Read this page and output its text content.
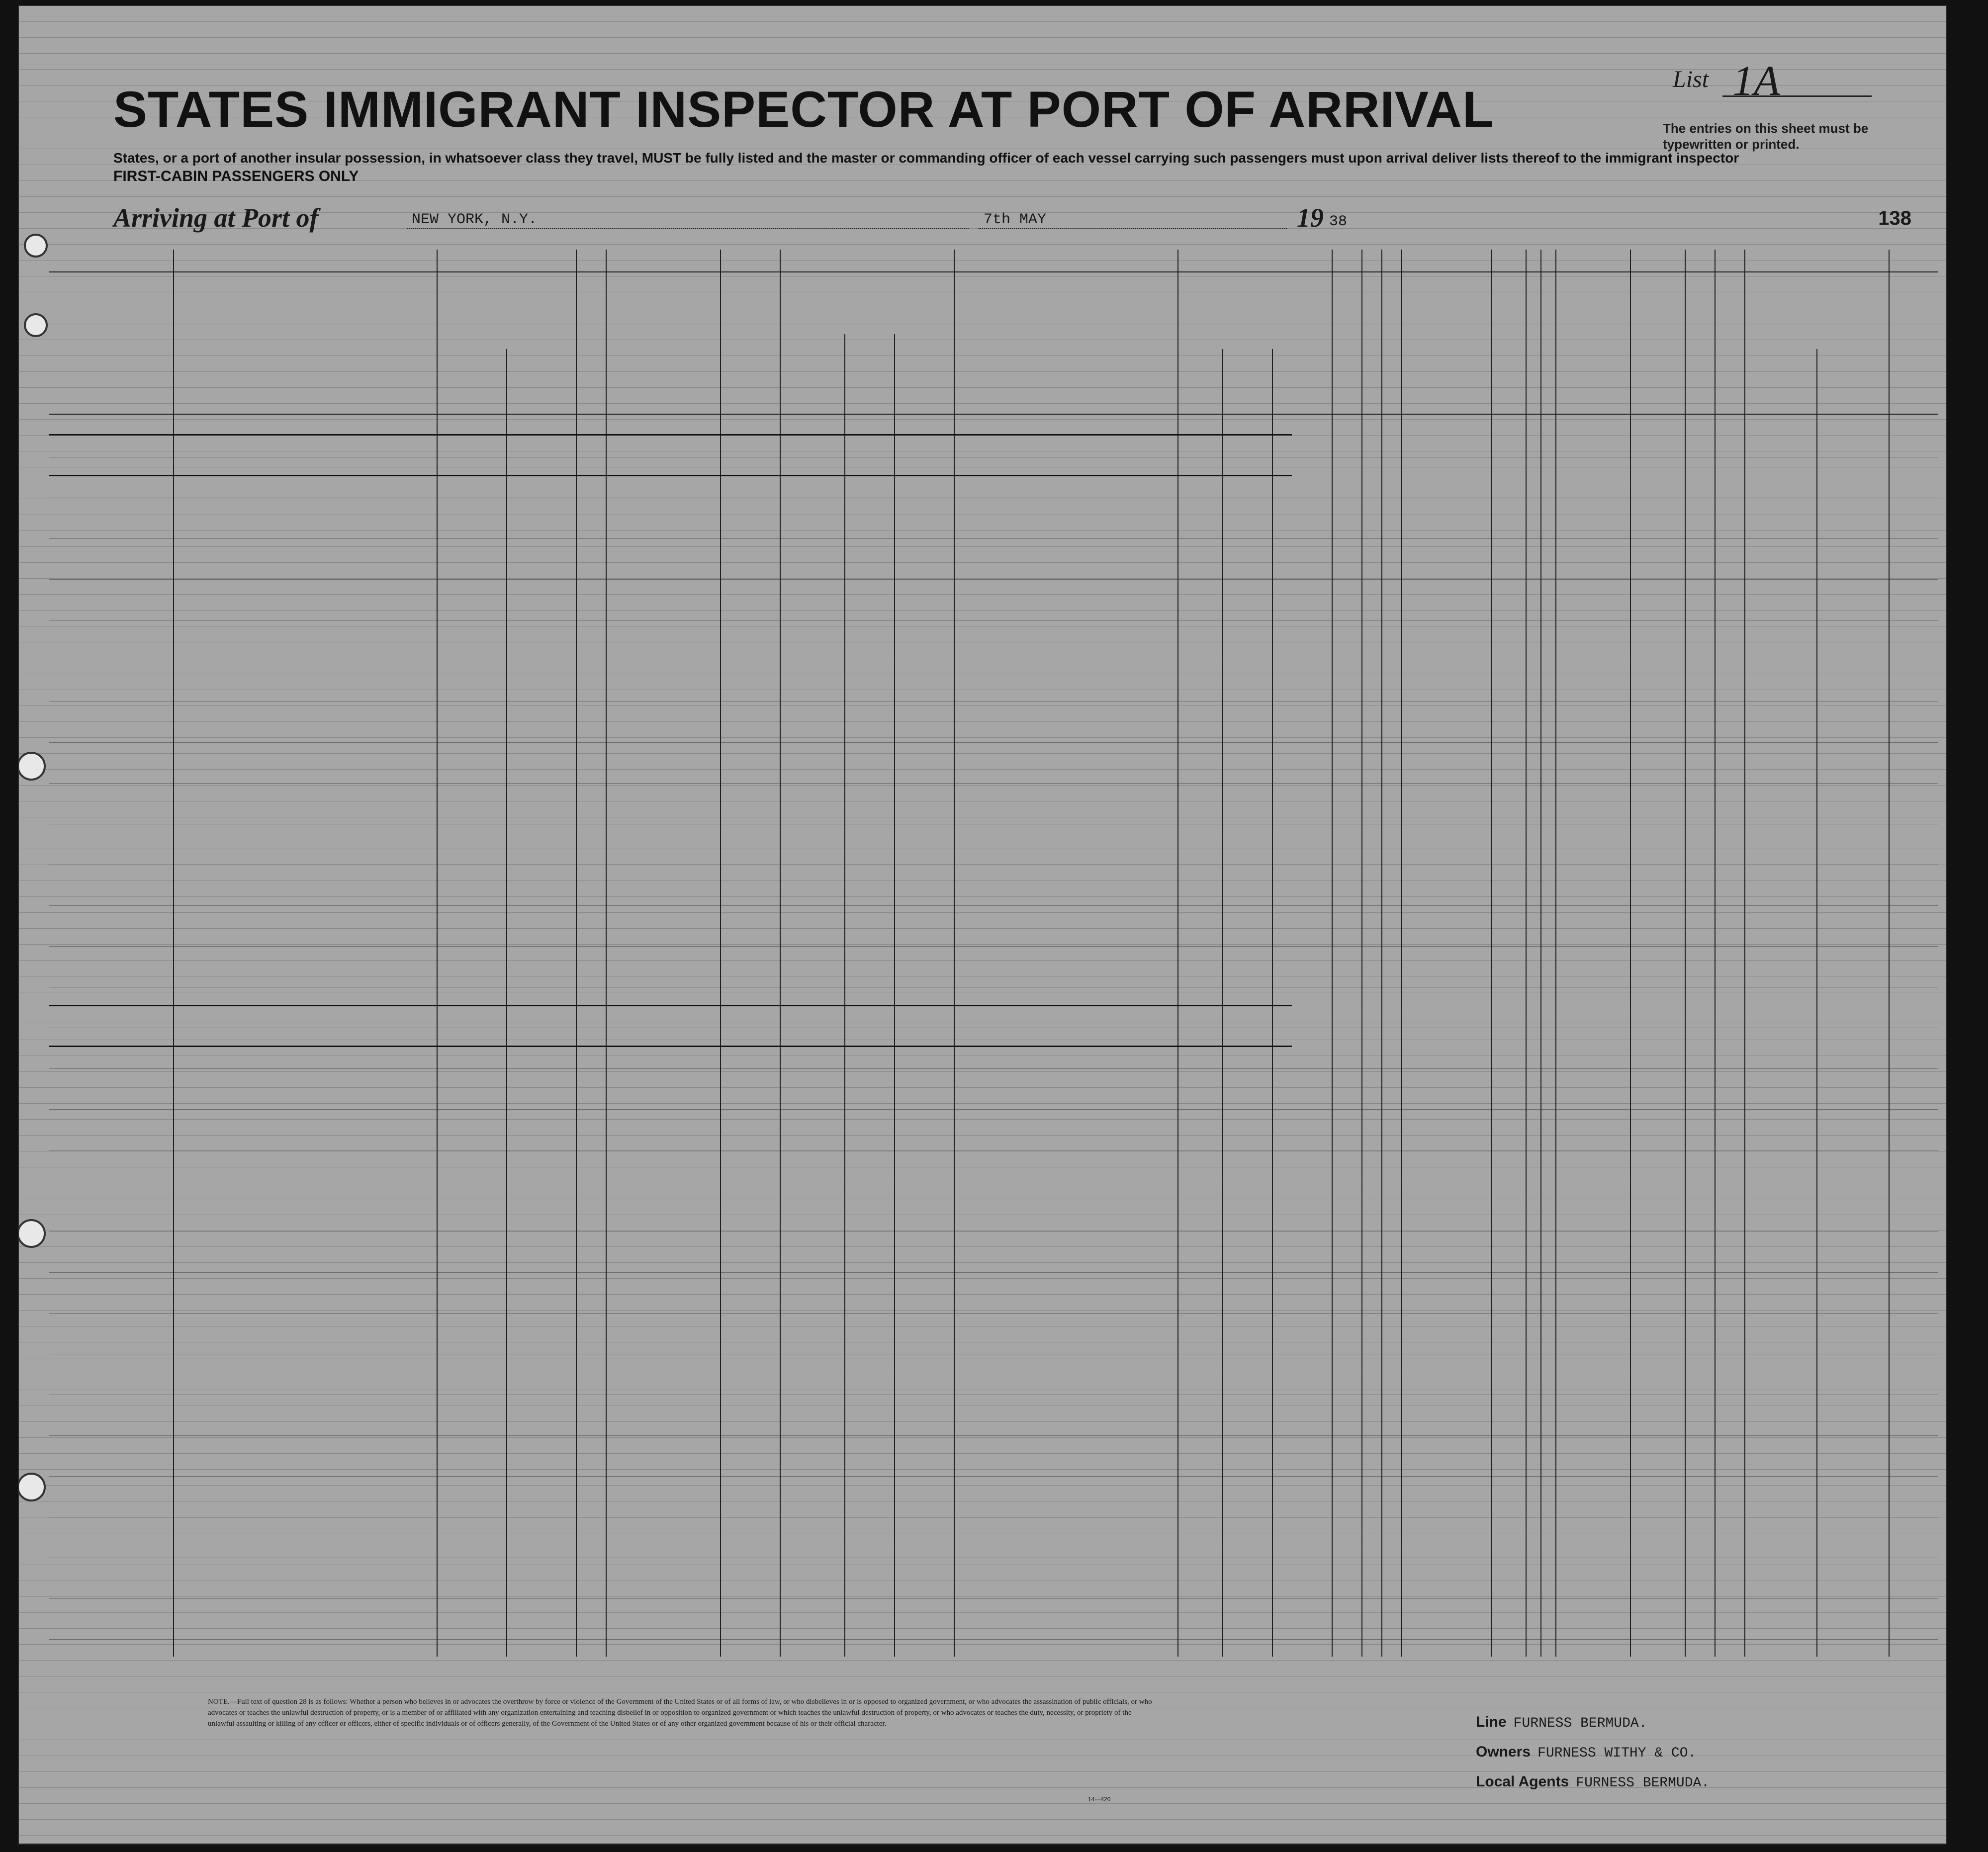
STATES IMMIGRANT INSPECTOR AT PORT OF ARRIVAL
States, or a port of another insular possession, in whatsoever class they travel, MUST be fully listed and the master or commanding officer of each vessel carrying such passengers must upon arrival deliver lists thereof to the immigrant inspector
FIRST-CABIN PASSENGERS ONLY
List 1A
The entries on this sheet must be typewritten or printed.
Arriving at Port of	NEW YORK, N.Y.	7th MAY	19 38	138
NOTE.—Full text of question 28 is as follows: Whether a person who believes in or advocates the overthrow by force or violence of the Government of the United States or of all forms of law, or who disbelieves in or is opposed to organized government, or who advocates the assassination of public officials, or who advocates or teaches the unlawful destruction of property, or is a member of or affiliated with any organization entertaining and teaching disbelief in or opposition to organized government or which teaches the unlawful destruction of property, or who advocates or teaches the duty, necessity, or propriety of the unlawful assaulting or killing of any officer or officers, either of specific individuals or of officers generally, of the Government of the United States or of any other organized government because of his or their official character.
14—420
Line FURNESS BERMUDA.
Owners FURNESS WITHY & CO.
Local Agents FURNESS BERMUDA.
